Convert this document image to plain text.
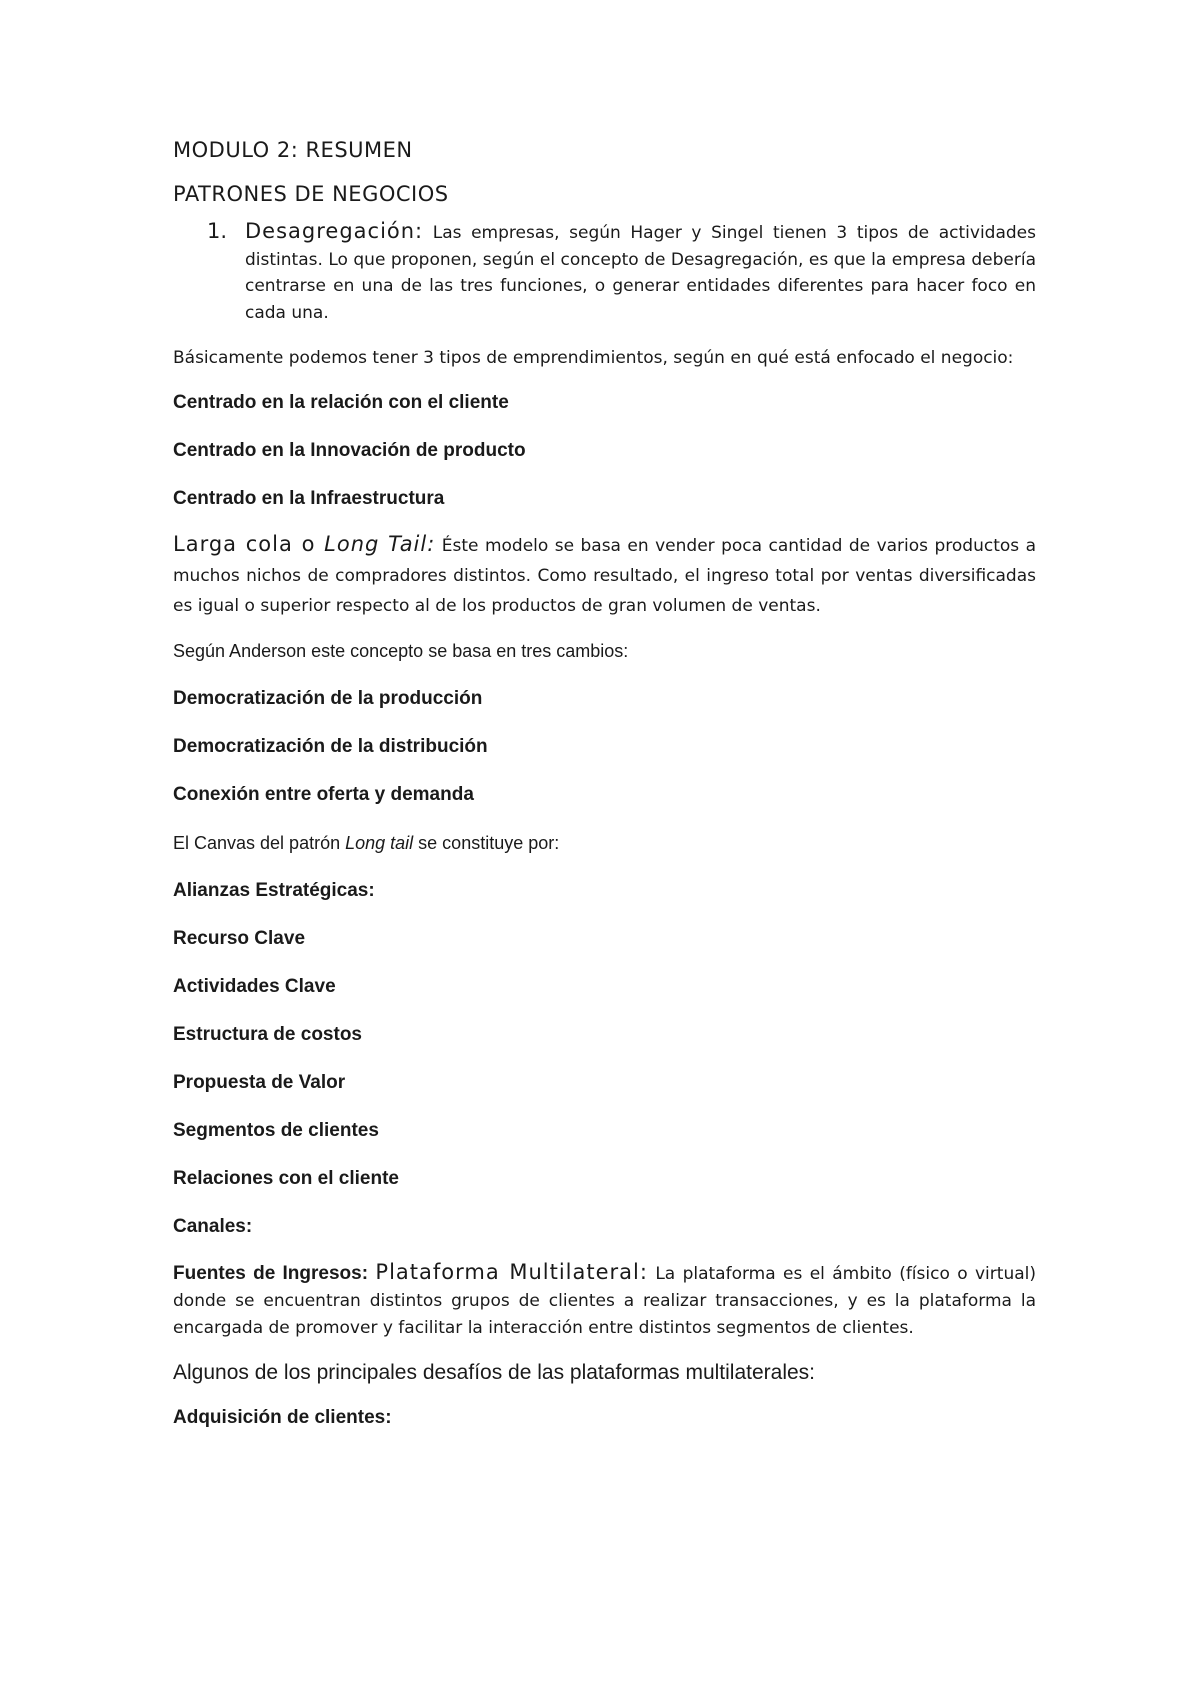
MODULO 2: RESUMEN

PATRONES DE NEGOCIOS

1. Desagregación: Las empresas, según Hager y Singel tienen 3 tipos de actividades distintas. Lo que proponen, según el concepto de Desagregación, es que la empresa debería centrarse en una de las tres funciones, o generar entidades diferentes para hacer foco en cada una.

Básicamente podemos tener 3 tipos de emprendimientos, según en qué está enfocado el negocio:

Centrado en la relación con el cliente

Centrado en la Innovación de producto

Centrado en la Infraestructura

Larga cola o Long Tail: Éste modelo se basa en vender poca cantidad de varios productos a muchos nichos de compradores distintos. Como resultado, el ingreso total por ventas diversificadas es igual o superior respecto al de los productos de gran volumen de ventas.

Según Anderson este concepto se basa en tres cambios:

Democratización de la producción

Democratización de la distribución

Conexión entre oferta y demanda

El Canvas del patrón Long tail se constituye por:

Alianzas Estratégicas:

Recurso Clave

Actividades Clave

Estructura de costos

Propuesta de Valor

Segmentos de clientes

Relaciones con el cliente

Canales:

Fuentes de Ingresos: Plataforma Multilateral: La plataforma es el ámbito (físico o virtual) donde se encuentran distintos grupos de clientes a realizar transacciones, y es la plataforma la encargada de promover y facilitar la interacción entre distintos segmentos de clientes.

Algunos de los principales desafíos de las plataformas multilaterales:

Adquisición de clientes:
